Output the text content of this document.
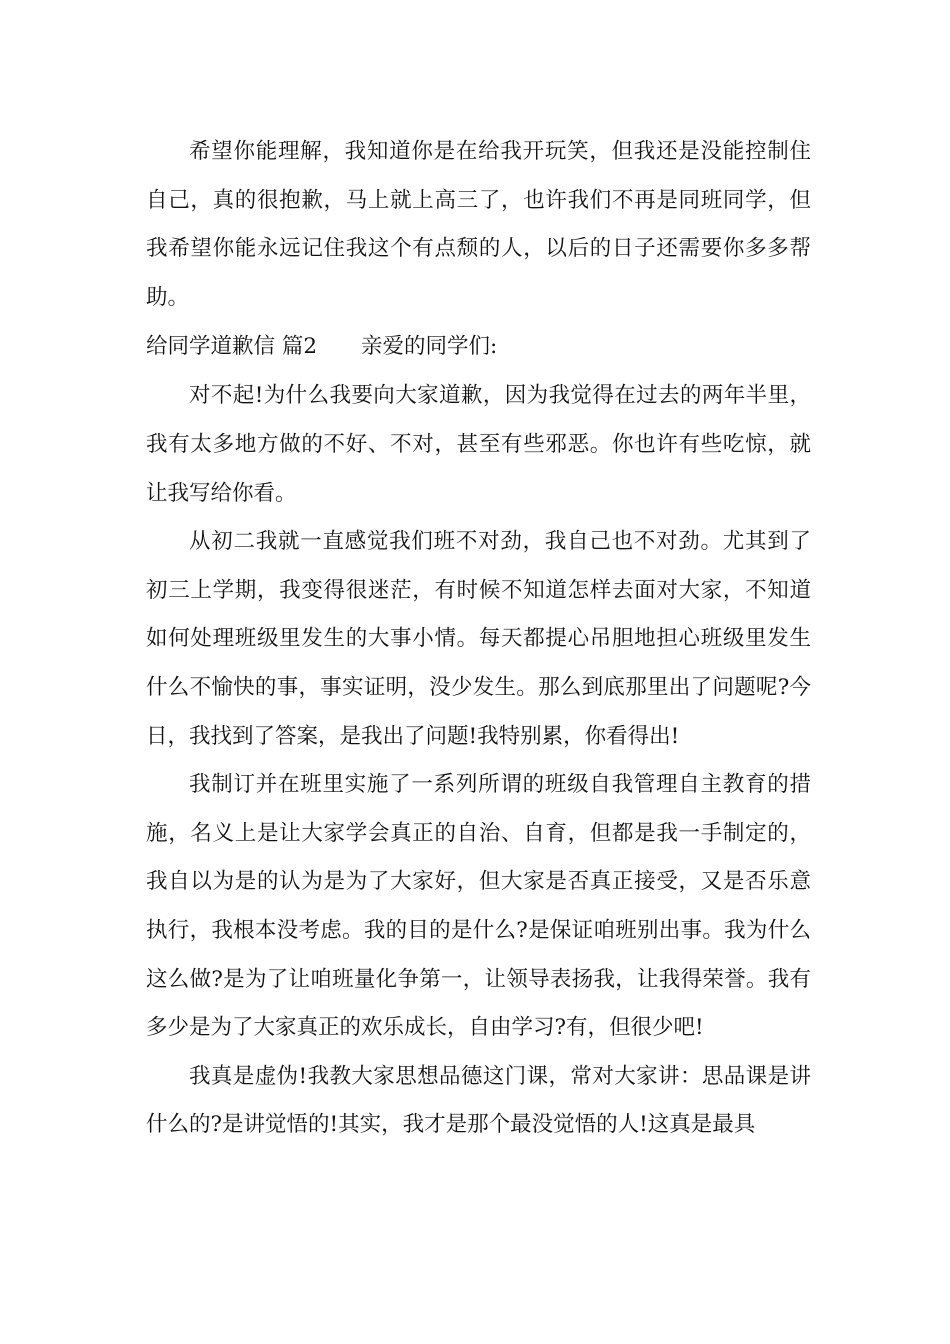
希望你能理解，我知道你是在给我开玩笑，但我还是没能控制住自己，真的很抱歉，马上就上高三了，也许我们不再是同班同学，但我希望你能永远记住我这个有点颓的人，以后的日子还需要你多多帮助。

给同学道歉信 篇2 亲爱的同学们:

对不起!为什么我要向大家道歉，因为我觉得在过去的两年半里，我有太多地方做的不好、不对，甚至有些邪恶。你也许有些吃惊，就让我写给你看。

从初二我就一直感觉我们班不对劲，我自己也不对劲。尤其到了初三上学期，我变得很迷茫，有时候不知道怎样去面对大家，不知道如何处理班级里发生的大事小情。每天都提心吊胆地担心班级里发生什么不愉快的事，事实证明，没少发生。那么到底那里出了问题呢?今日，我找到了答案，是我出了问题!我特别累，你看得出!

我制订并在班里实施了一系列所谓的班级自我管理自主教育的措施，名义上是让大家学会真正的自治、自育，但都是我一手制定的，我自以为是的认为是为了大家好，但大家是否真正接受，又是否乐意执行，我根本没考虑。我的目的是什么?是保证咱班别出事。我为什么这么做?是为了让咱班量化争第一，让领导表扬我，让我得荣誉。我有多少是为了大家真正的欢乐成长，自由学习?有，但很少吧!

我真是虚伪!我教大家思想品德这门课，常对大家讲：思品课是讲什么的?是讲觉悟的!其实，我才是那个最没觉悟的人!这真是最具
